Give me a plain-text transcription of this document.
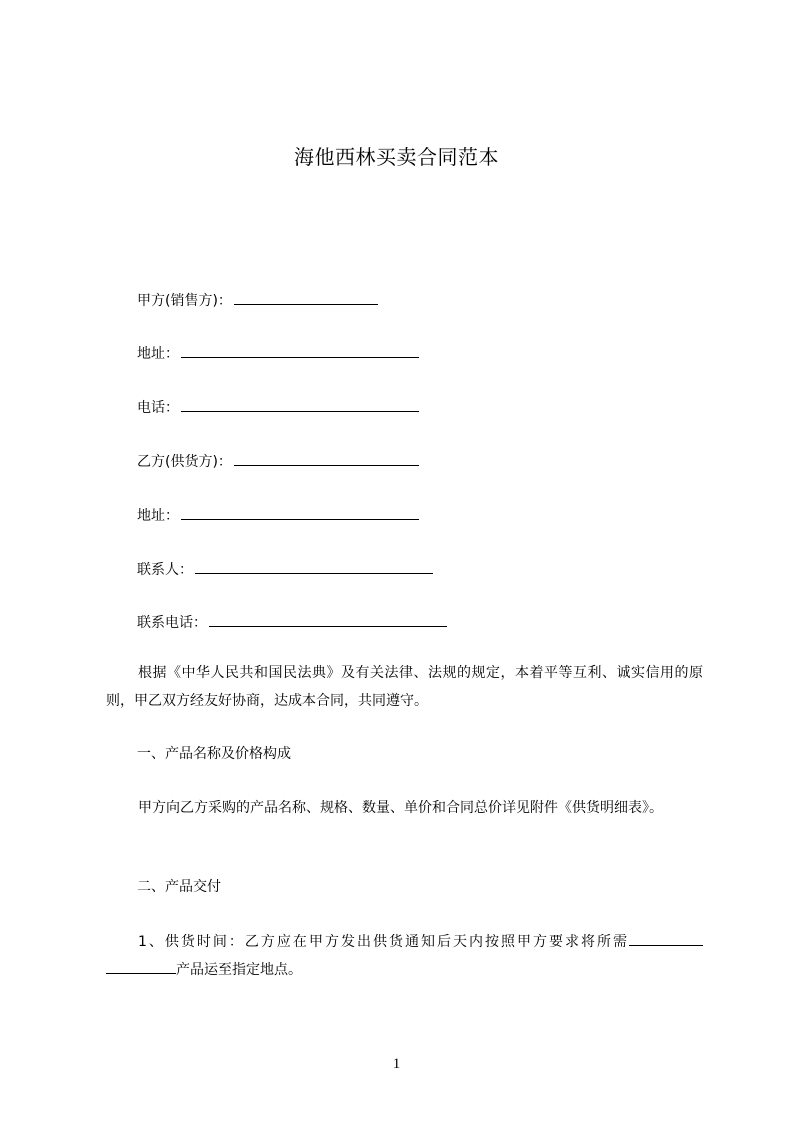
海他西林买卖合同范本
甲方(销售方)：
地址：
电话：
乙方(供货方)：
地址：
联系人：
联系电话：
根据《中华人民共和国民法典》及有关法律、法规的规定，本着平等互利、诚实信用的原则，甲乙双方经友好协商，达成本合同，共同遵守。
一、产品名称及价格构成
甲方向乙方采购的产品名称、规格、数量、单价和合同总价详见附件《供货明细表》。
二、产品交付
1、供货时间：乙方应在甲方发出供货通知后天内按照甲方要求将所需产品运至指定地点。
1
